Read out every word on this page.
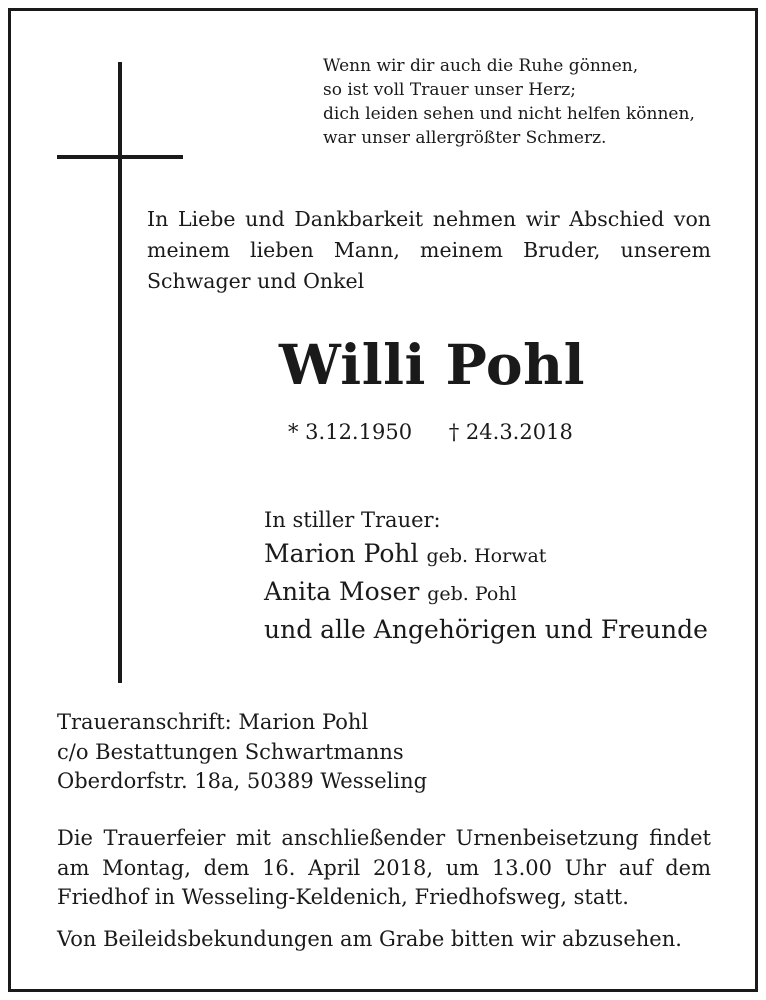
Wenn wir dir auch die Ruhe gönnen,
so ist voll Trauer unser Herz;
dich leiden sehen und nicht helfen können,
war unser allergrößter Schmerz.
In Liebe und Dankbarkeit nehmen wir Abschied von meinem lieben Mann, meinem Bruder, unserem Schwager und Onkel
Willi Pohl
* 3.12.1950 † 24.3.2018
In stiller Trauer:
Marion Pohl geb. Horwat
Anita Moser geb. Pohl
und alle Angehörigen und Freunde
Traueranschrift: Marion Pohl
c/o Bestattungen Schwartmanns
Oberdorfstr. 18a, 50389 Wesseling
Die Trauerfeier mit anschließender Urnenbeisetzung findet am Montag, dem 16. April 2018, um 13.00 Uhr auf dem Friedhof in Wesseling-Keldenich, Friedhofsweg, statt.
Von Beileidsbekundungen am Grabe bitten wir abzusehen.
